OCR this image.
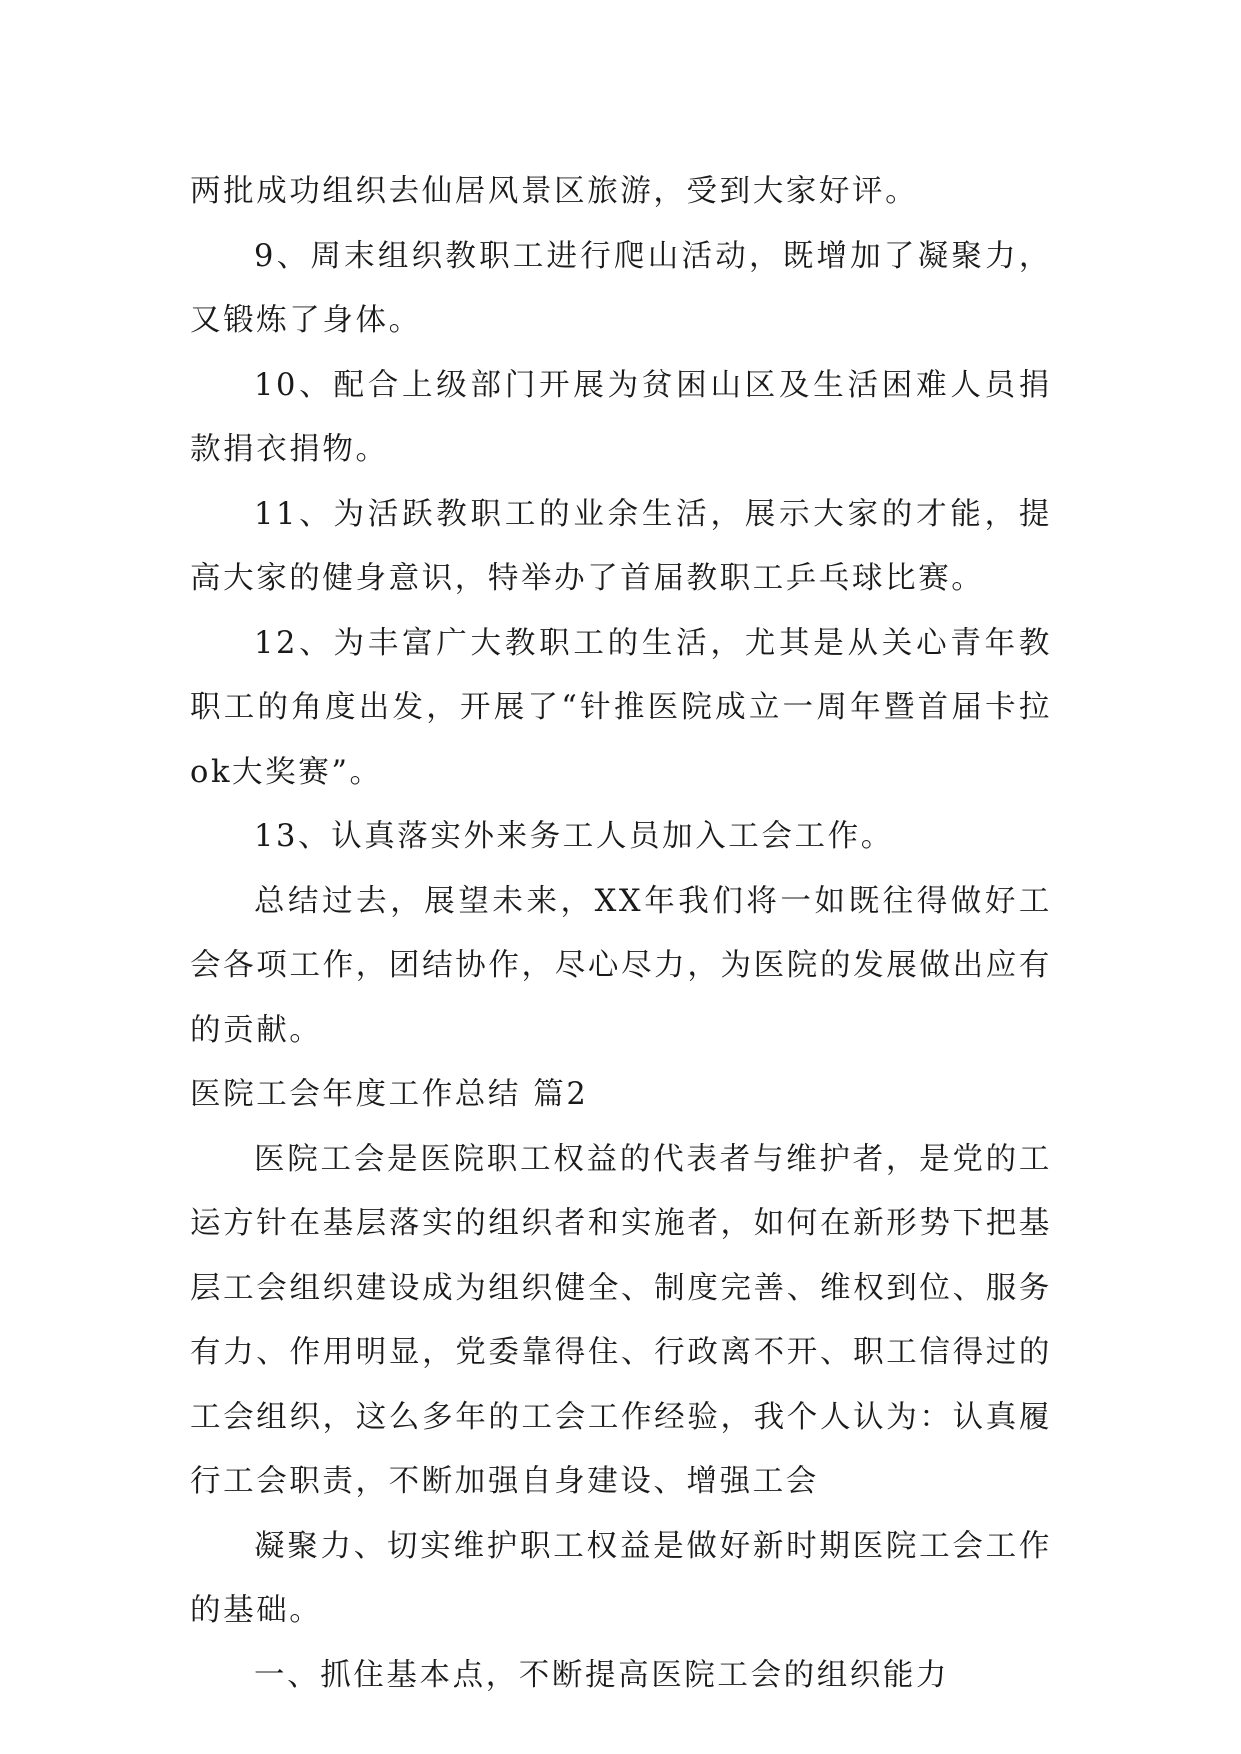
两批成功组织去仙居风景区旅游，受到大家好评。

9、周末组织教职工进行爬山活动，既增加了凝聚力，又锻炼了身体。

10、配合上级部门开展为贫困山区及生活困难人员捐款捐衣捐物。

11、为活跃教职工的业余生活，展示大家的才能，提高大家的健身意识，特举办了首届教职工乒乓球比赛。

12、为丰富广大教职工的生活，尤其是从关心青年教职工的角度出发，开展了“针推医院成立一周年暨首届卡拉ok大奖赛”。

13、认真落实外来务工人员加入工会工作。

总结过去，展望未来，XX年我们将一如既往得做好工会各项工作，团结协作，尽心尽力，为医院的发展做出应有的贡献。

医院工会年度工作总结 篇2

医院工会是医院职工权益的代表者与维护者，是党的工运方针在基层落实的组织者和实施者，如何在新形势下把基层工会组织建设成为组织健全、制度完善、维权到位、服务有力、作用明显，党委靠得住、行政离不开、职工信得过的工会组织，这么多年的工会工作经验，我个人认为：认真履行工会职责，不断加强自身建设、增强工会

凝聚力、切实维护职工权益是做好新时期医院工会工作的基础。

一、抓住基本点，不断提高医院工会的组织能力
